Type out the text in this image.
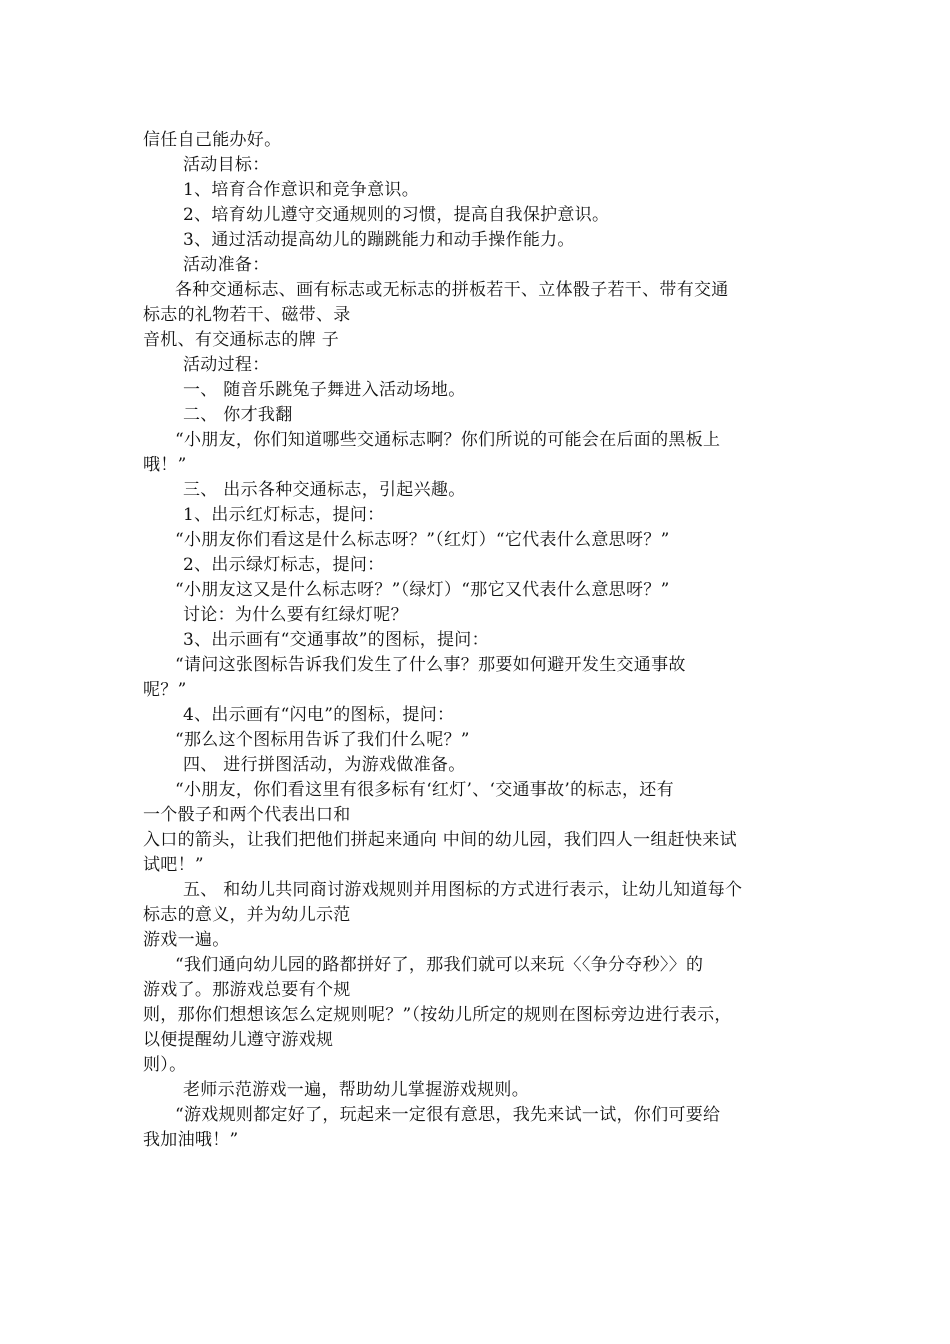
信任自己能办好。
活动目标：
1、培育合作意识和竞争意识。
2、培育幼儿遵守交通规则的习惯，提高自我保护意识。
3、通过活动提高幼儿的蹦跳能力和动手操作能力。
活动准备：
各种交通标志、画有标志或无标志的拼板若干、立体骰子若干、带有交通
标志的礼物若干、磁带、录
音机、有交通标志的牌 子
活动过程：
一、 随音乐跳兔子舞进入活动场地。
二、 你才我翻
“小朋友，你们知道哪些交通标志啊？你们所说的可能会在后面的黑板上
哦！”
三、 出示各种交通标志，引起兴趣。
1、出示红灯标志，提问：
“小朋友你们看这是什么标志呀？”（红灯）“它代表什么意思呀？”
2、出示绿灯标志，提问：
“小朋友这又是什么标志呀？”（绿灯）“那它又代表什么意思呀？”
讨论：为什么要有红绿灯呢？
3、出示画有“交通事故”的图标，提问：
“请问这张图标告诉我们发生了什么事？那要如何避开发生交通事故
呢？”
4、出示画有“闪电”的图标，提问：
“那么这个图标用告诉了我们什么呢？”
四、 进行拼图活动，为游戏做准备。
“小朋友，你们看这里有很多标有‘红灯’、‘交通事故’的标志，还有
一个骰子和两个代表出口和
入口的箭头，让我们把他们拼起来通向 中间的幼儿园，我们四人一组赶快来试
试吧！”
五、 和幼儿共同商讨游戏规则并用图标的方式进行表示，让幼儿知道每个
标志的意义，并为幼儿示范
游戏一遍。
“我们通向幼儿园的路都拼好了，那我们就可以来玩〈〈争分夺秒〉〉的
游戏了。那游戏总要有个规
则，那你们想想该怎么定规则呢？”（按幼儿所定的规则在图标旁边进行表示，
以便提醒幼儿遵守游戏规
则）。
老师示范游戏一遍，帮助幼儿掌握游戏规则。
“游戏规则都定好了，玩起来一定很有意思，我先来试一试，你们可要给
我加油哦！”
